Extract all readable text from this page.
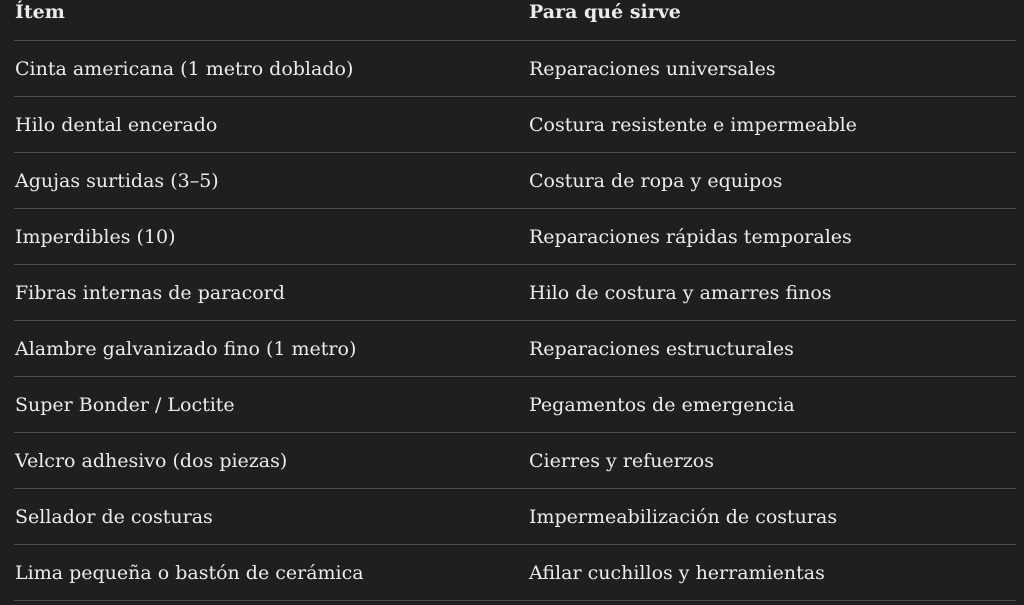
Ítem	Para qué sirve
Cinta americana (1 metro doblado)	Reparaciones universales
Hilo dental encerado	Costura resistente e impermeable
Agujas surtidas (3–5)	Costura de ropa y equipos
Imperdibles (10)	Reparaciones rápidas temporales
Fibras internas de paracord	Hilo de costura y amarres finos
Alambre galvanizado fino (1 metro)	Reparaciones estructurales
Super Bonder / Loctite	Pegamentos de emergencia
Velcro adhesivo (dos piezas)	Cierres y refuerzos
Sellador de costuras	Impermeabilización de costuras
Lima pequeña o bastón de cerámica	Afilar cuchillos y herramientas
